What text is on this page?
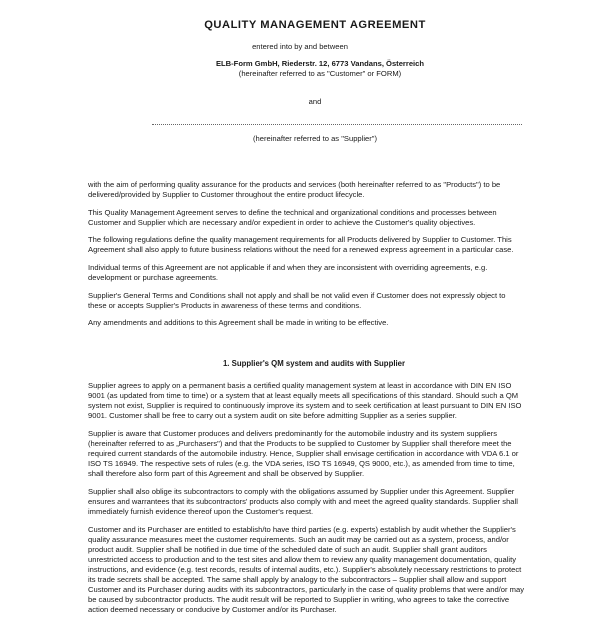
QUALITY MANAGEMENT AGREEMENT
entered into by and between
ELB-Form GmbH, Riederstr. 12, 6773 Vandans, Österreich
(hereinafter referred to as "Customer" or FORM)
and
(hereinafter referred to as "Supplier")

with the aim of performing quality assurance for the products and services (both hereinafter referred to as "Products") to be delivered/provided by Supplier to Customer throughout the entire product lifecycle.

This Quality Management Agreement serves to define the technical and organizational conditions and processes between Customer and Supplier which are necessary and/or expedient in order to achieve the Customer's quality objectives.

The following regulations define the quality management requirements for all Products delivered by Supplier to Customer. This Agreement shall also apply to future business relations without the need for a renewed express agreement in a particular case.

Individual terms of this Agreement are not applicable if and when they are inconsistent with overriding agreements, e.g. development or purchase agreements.

Supplier's General Terms and Conditions shall not apply and shall be not valid even if Customer does not expressly object to these or accepts Supplier's Products in awareness of these terms and conditions.

Any amendments and additions to this Agreement shall be made in writing to be effective.

1. Supplier's QM system and audits with Supplier

Supplier agrees to apply on a permanent basis a certified quality management system at least in accordance with DIN EN ISO 9001 (as updated from time to time) or a system that at least equally meets all specifications of this standard. Should such a QM system not exist, Supplier is required to continuously improve its system and to seek certification at least pursuant to DIN EN ISO 9001. Customer shall be free to carry out a system audit on site before admitting Supplier as a series supplier.

Supplier is aware that Customer produces and delivers predominantly for the automobile industry and its system suppliers (hereinafter referred to as „Purchasers") and that the Products to be supplied to Customer by Supplier shall therefore meet the required current standards of the automobile industry. Hence, Supplier shall envisage certification in accordance with VDA 6.1 or ISO TS 16949. The respective sets of rules (e.g. the VDA series, ISO TS 16949, QS 9000, etc.), as amended from time to time, shall therefore also form part of this Agreement and shall be observed by Supplier.

Supplier shall also oblige its subcontractors to comply with the obligations assumed by Supplier under this Agreement. Supplier ensures and warrantees that its subcontractors' products also comply with and meet the agreed quality standards. Supplier shall immediately furnish evidence thereof upon the Customer's request.

Customer and its Purchaser are entitled to establish/to have third parties (e.g. experts) establish by audit whether the Supplier's quality assurance measures meet the customer requirements. Such an audit may be carried out as a system, process, and/or product audit. Supplier shall be notified in due time of the scheduled date of such an audit. Supplier shall grant auditors unrestricted access to production and to the test sites and allow them to review any quality management documentation, quality instructions, and evidence (e.g. test records, results of internal audits, etc.). Supplier's absolutely necessary restrictions to protect its trade secrets shall be accepted. The same shall apply by analogy to the subcontractors – Supplier shall allow and support Customer and its Purchaser during audits with its subcontractors, particularly in the case of quality problems that were and/or may be caused by subcontractor products. The audit result will be reported to Supplier in writing, who agrees to take the corrective action deemed necessary or conducive by Customer and/or its Purchaser.
